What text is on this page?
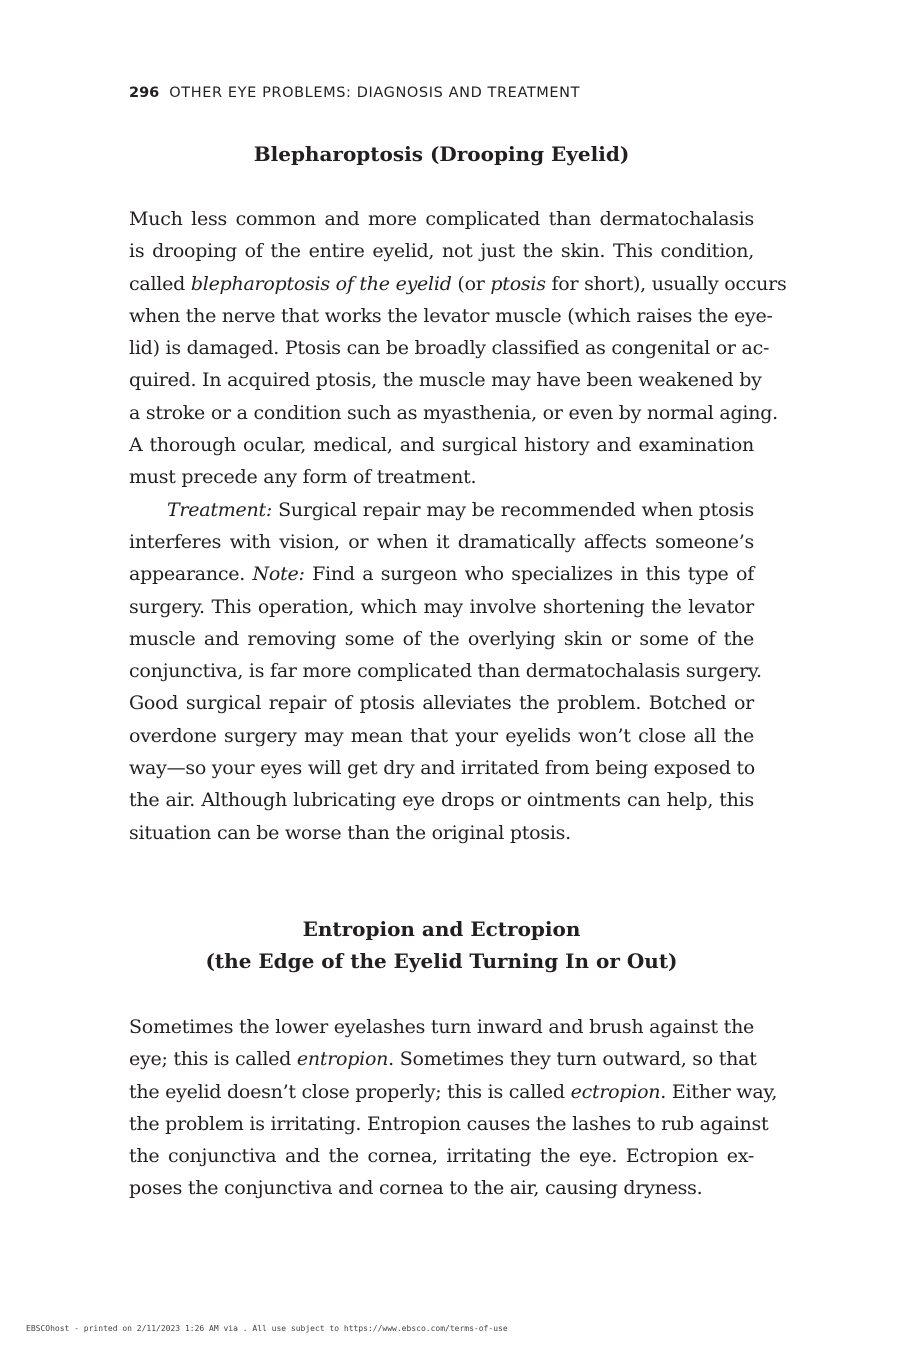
296 OTHER EYE PROBLEMS: DIAGNOSIS AND TREATMENT
Blepharoptosis (Drooping Eyelid)
Much less common and more complicated than dermatochalasis
is drooping of the entire eyelid, not just the skin. This condition,
called blepharoptosis of the eyelid (or ptosis for short), usually occurs
when the nerve that works the levator muscle (which raises the eye-
lid) is damaged. Ptosis can be broadly classified as congenital or ac-
quired. In acquired ptosis, the muscle may have been weakened by
a stroke or a condition such as myasthenia, or even by normal aging.
A thorough ocular, medical, and surgical history and examination
must precede any form of treatment.
Treatment: Surgical repair may be recommended when ptosis
interferes with vision, or when it dramatically affects someone’s
appearance. Note: Find a surgeon who specializes in this type of
surgery. This operation, which may involve shortening the levator
muscle and removing some of the overlying skin or some of the
conjunctiva, is far more complicated than dermatochalasis surgery.
Good surgical repair of ptosis alleviates the problem. Botched or
overdone surgery may mean that your eyelids won’t close all the
way—so your eyes will get dry and irritated from being exposed to
the air. Although lubricating eye drops or ointments can help, this
situation can be worse than the original ptosis.
Entropion and Ectropion
(the Edge of the Eyelid Turning In or Out)
Sometimes the lower eyelashes turn inward and brush against the
eye; this is called entropion. Sometimes they turn outward, so that
the eyelid doesn’t close properly; this is called ectropion. Either way,
the problem is irritating. Entropion causes the lashes to rub against
the conjunctiva and the cornea, irritating the eye. Ectropion ex-
poses the conjunctiva and cornea to the air, causing dryness.
EBSCOhost - printed on 2/11/2023 1:26 AM via . All use subject to https://www.ebsco.com/terms-of-use
